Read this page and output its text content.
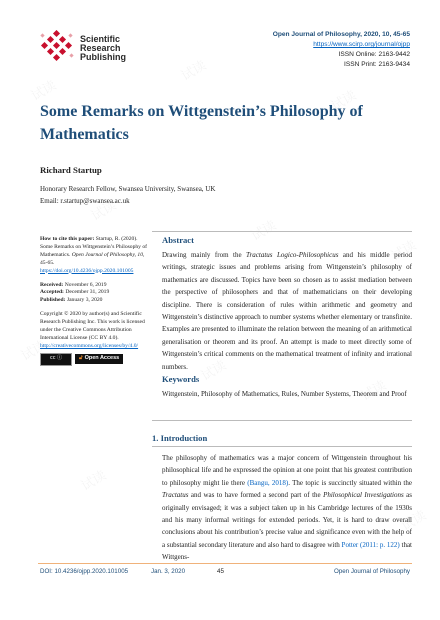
Scientific
Research
Publishing
Open Journal of Philosophy, 2020, 10, 45-65
https://www.scirp.org/journal/ojpp
ISSN Online: 2163-9442
ISSN Print: 2163-9434
Some Remarks on Wittgenstein’s Philosophy of Mathematics
Richard Startup
Honorary Research Fellow, Swansea University, Swansea, UK
Email: r.startup@swansea.ac.uk
How to cite this paper: Startup, R. (2020). Some Remarks on Wittgenstein’s Philosophy of Mathematics. Open Journal of Philosophy, 10, 45-65.
https://doi.org/10.4236/ojpp.2020.101005
Received: November 6, 2019
Accepted: December 31, 2019
Published: January 3, 2020
Copyright © 2020 by author(s) and Scientific Research Publishing Inc. This work is licensed under the Creative Commons Attribution International License (CC BY 4.0).
http://creativecommons.org/licenses/by/4.0/
cc ⓘ	🔓︎ Open Access
Abstract
Drawing mainly from the Tractatus Logico-Philosophicus and his middle period writings, strategic issues and problems arising from Wittgenstein’s philosophy of mathematics are discussed. Topics have been so chosen as to assist mediation between the perspective of philosophers and that of mathematicians on their developing discipline. There is consideration of rules within arithmetic and geometry and Wittgenstein’s distinctive approach to number systems whether elementary or transfinite. Examples are presented to illuminate the relation between the meaning of an arithmetical generalisation or theorem and its proof. An attempt is made to meet directly some of Wittgenstein’s critical comments on the mathematical treatment of infinity and irrational numbers.
Keywords
Wittgenstein, Philosophy of Mathematics, Rules, Number Systems, Theorem and Proof
1. Introduction
The philosophy of mathematics was a major concern of Wittgenstein throughout his philosophical life and he expressed the opinion at one point that his greatest contribution to philosophy might lie there (Bangu, 2018). The topic is succinctly situated within the Tractatus and was to have formed a second part of the Philosophical Investigations as originally envisaged; it was a subject taken up in his Cambridge lectures of the 1930s and his many informal writings for extended periods. Yet, it is hard to draw overall conclusions about his contribution’s precise value and significance even with the help of a substantial secondary literature and also hard to disagree with Potter (2011: p. 122) that Wittgens-
DOI: 10.4236/ojpp.2020.101005	Jan. 3, 2020	45	Open Journal of Philosophy
